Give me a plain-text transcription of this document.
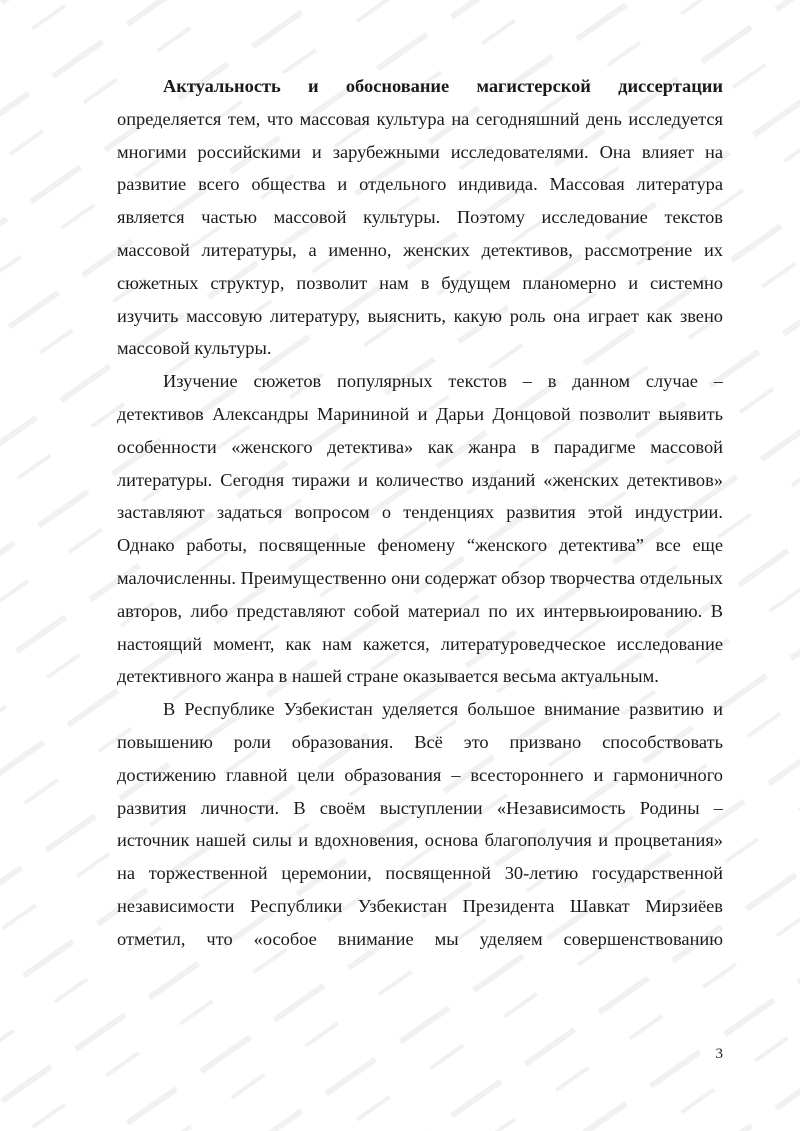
Актуальность и обоснование магистерской диссертации определяется тем, что массовая культура на сегодняшний день исследуется многими российскими и зарубежными исследователями. Она влияет на развитие всего общества и отдельного индивида. Массовая литература является частью массовой культуры. Поэтому исследование текстов массовой литературы, а именно, женских детективов, рассмотрение их сюжетных структур, позволит нам в будущем планомерно и системно изучить массовую литературу, выяснить, какую роль она играет как звено массовой культуры.

Изучение сюжетов популярных текстов – в данном случае – детективов Александры Марининой и Дарьи Донцовой позволит выявить особенности «женского детектива» как жанра в парадигме массовой литературы. Сегодня тиражи и количество изданий «женских детективов» заставляют задаться вопросом о тенденциях развития этой индустрии. Однако работы, посвященные феномену “женского детектива” все еще малочисленны. Преимущественно они содержат обзор творчества отдельных авторов, либо представляют собой материал по их интервьюированию. В настоящий момент, как нам кажется, литературоведческое исследование детективного жанра в нашей стране оказывается весьма актуальным.

В Республике Узбекистан уделяется большое внимание развитию и повышению роли образования. Всё это призвано способствовать достижению главной цели образования – всестороннего и гармоничного развития личности. В своём выступлении «Независимость Родины – источник нашей силы и вдохновения, основа благополучия и процветания» на торжественной церемонии, посвященной 30-летию государственной независимости Республики Узбекистан Президента Шавкат Мирзиёев отметил, что «особое внимание мы уделяем совершенствованию

3
